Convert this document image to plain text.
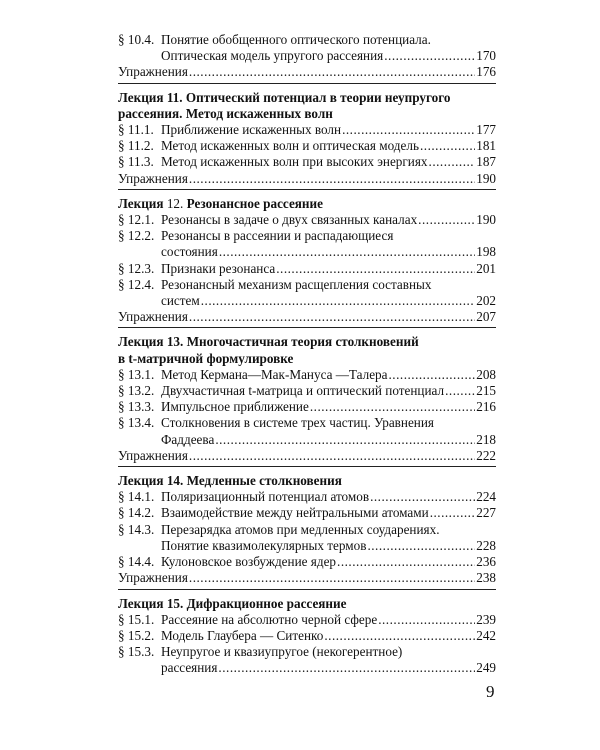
§ 10.4. Понятие обобщенного оптического потенциала.
Оптическая модель упругого рассеяния .....	170
Упражнения .....	176
Лекция 11. Оптический потенциал в теории неупругого рассеяния. Метод искаженных волн
§ 11.1. Приближение искаженных волн .....	177
§ 11.2. Метод искаженных волн и оптическая модель .....	181
§ 11.3. Метод искаженных волн при высоких энергиях .....	187
Упражнения .....	190
Лекция 12. Резонансное рассеяние
§ 12.1. Резонансы в задаче о двух связанных каналах .....	190
§ 12.2. Резонансы в рассеянии и распадающиеся
состояния .....	198
§ 12.3. Признаки резонанса .....	201
§ 12.4. Резонансный механизм расщепления составных
систем .....	202
Упражнения .....	207
Лекция 13. Многочастичная теория столкновений
в t-матричной формулировке
§ 13.1. Метод Кермана—Мак-Мануса —Талера .....	208
§ 13.2. Двухчастичная t-матрица и оптический потенциал ..... 215
§ 13.3. Импульсное приближение .....	216
§ 13.4. Столкновения в системе трех частиц. Уравнения
Фаддеева .....	218
Упражнения .....	222
Лекция 14. Медленные столкновения
§ 14.1. Поляризационный потенциал атомов .....	224
§ 14.2. Взаимодействие между нейтральными атомами .....	227
§ 14.3. Перезарядка атомов при медленных соударениях.
Понятие квазимолекулярных термов .....	228
§ 14.4. Кулоновское возбуждение ядер .....	236
Упражнения .....	238
Лекция 15. Дифракционное рассеяние
§ 15.1. Рассеяние на абсолютно черной сфере .....	239
§ 15.2. Модель Глаубера — Ситенко .....	242
§ 15.3. Неупругое и квазиупругое (некогерентное)
рассеяния .....	249
9
